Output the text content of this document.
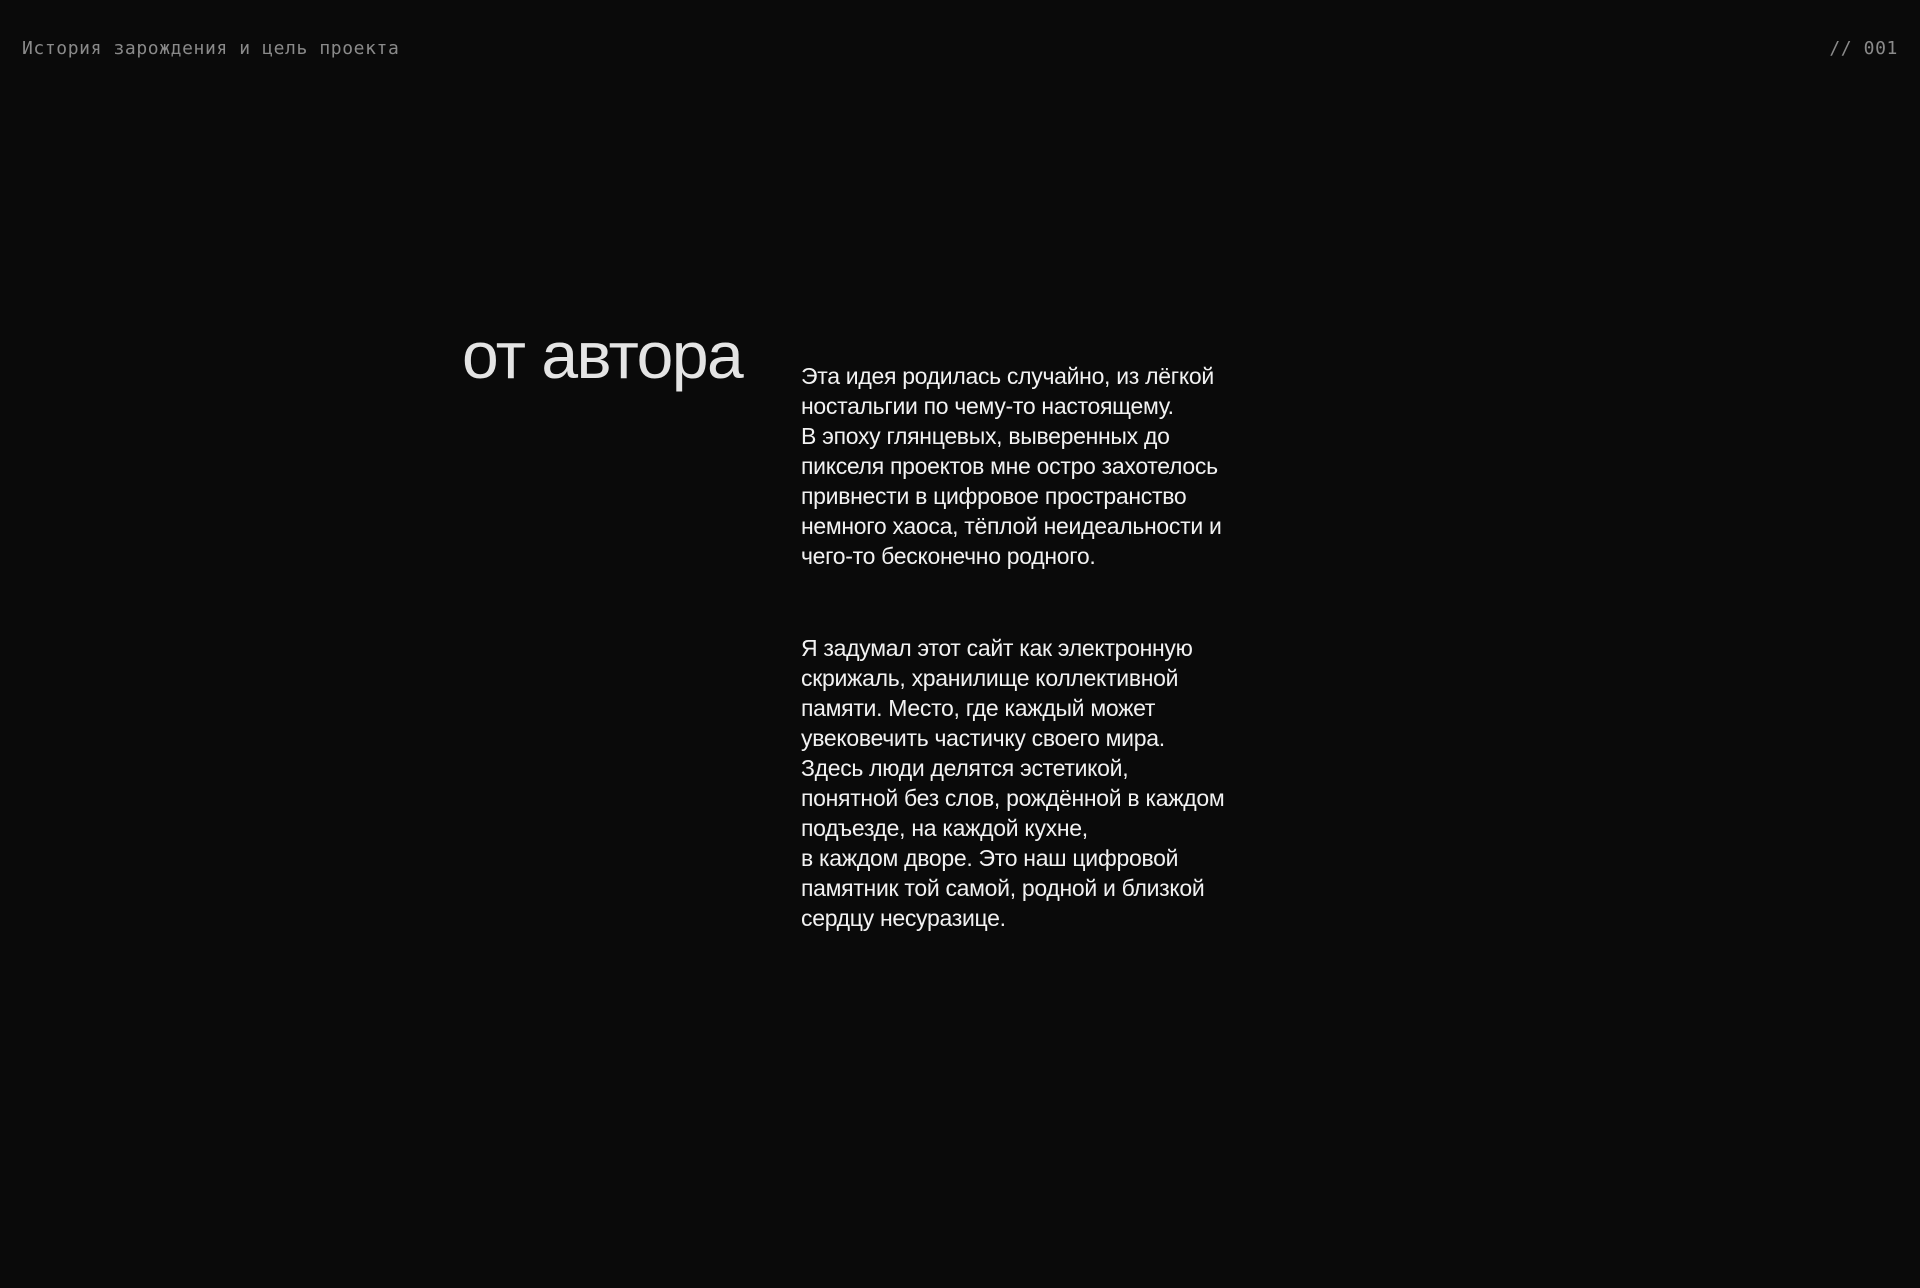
История зарождения и цель проекта	// 001
от автора	Эта идея родилась случайно, из лёгкой
ностальгии по чему-то настоящему.
В эпоху глянцевых, выверенных до
пикселя проектов мне остро захотелось
привнести в цифровое пространство
немного хаоса, тёплой неидеальности и
чего-то бесконечно родного.

Я задумал этот сайт как электронную
скрижаль, хранилище коллективной
памяти. Место, где каждый может
увековечить частичку своего мира.
Здесь люди делятся эстетикой,
понятной без слов, рождённой в каждом
подъезде, на каждой кухне,
в каждом дворе. Это наш цифровой
памятник той самой, родной и близкой
сердцу несуразице.
